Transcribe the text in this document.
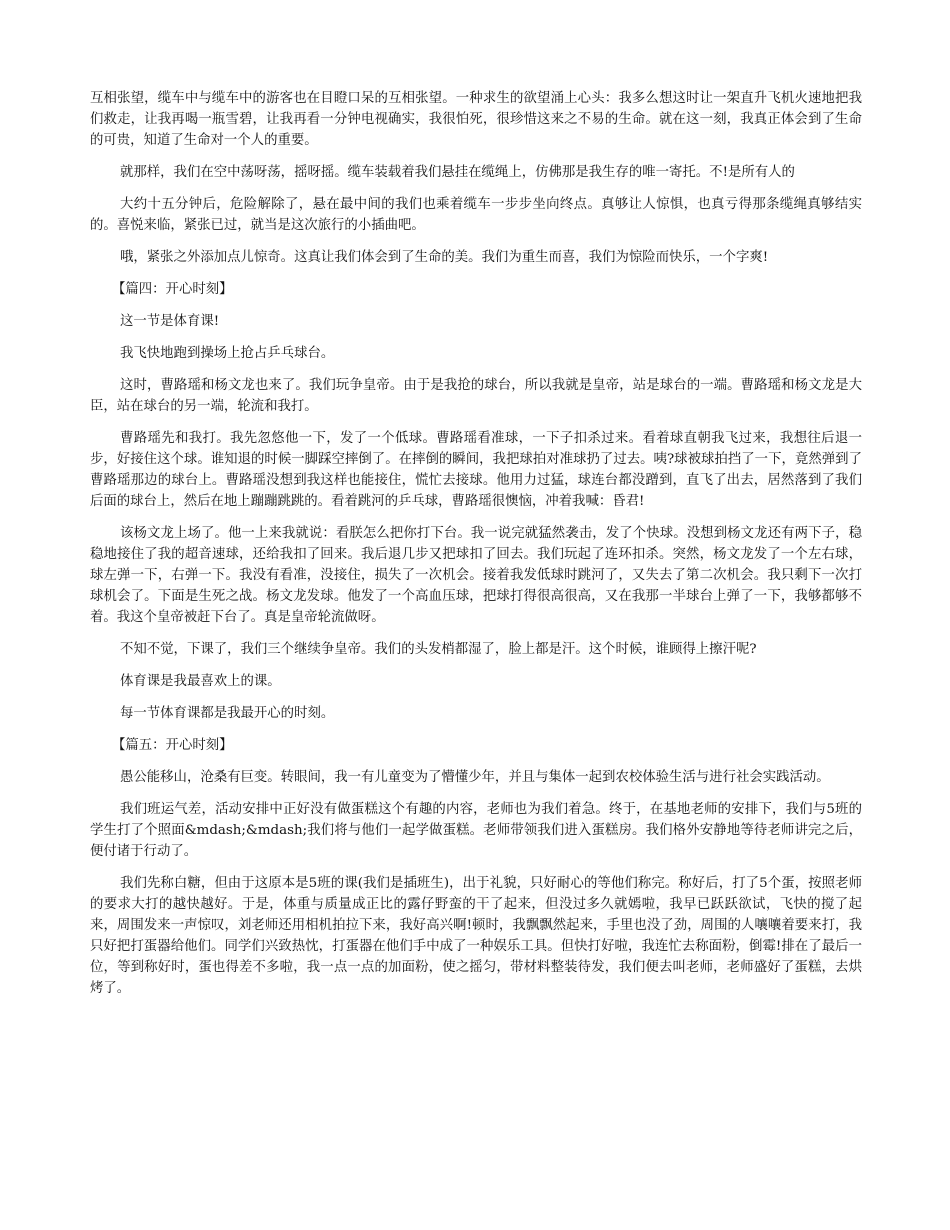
互相张望，缆车中与缆车中的游客也在目瞪口呆的互相张望。一种求生的欲望涌上心头：我多么想这时让一架直升飞机火速地把我们救走，让我再喝一瓶雪碧，让我再看一分钟电视确实，我很怕死，很珍惜这来之不易的生命。就在这一刻，我真正体会到了生命的可贵，知道了生命对一个人的重要。

就那样，我们在空中荡呀荡，摇呀摇。缆车装载着我们悬挂在缆绳上，仿佛那是我生存的唯一寄托。不!是所有人的

大约十五分钟后，危险解除了，悬在最中间的我们也乘着缆车一步步坐向终点。真够让人惊惧，也真亏得那条缆绳真够结实的。喜悦来临，紧张已过，就当是这次旅行的小插曲吧。

哦，紧张之外添加点儿惊奇。这真让我们体会到了生命的美。我们为重生而喜，我们为惊险而快乐，一个字爽!

【篇四：开心时刻】

这一节是体育课!

我飞快地跑到操场上抢占乒乓球台。

这时，曹路瑶和杨文龙也来了。我们玩争皇帝。由于是我抢的球台，所以我就是皇帝，站是球台的一端。曹路瑶和杨文龙是大臣，站在球台的另一端，轮流和我打。

曹路瑶先和我打。我先忽悠他一下，发了一个低球。曹路瑶看准球，一下子扣杀过来。看着球直朝我飞过来，我想往后退一步，好接住这个球。谁知退的时候一脚踩空摔倒了。在摔倒的瞬间，我把球拍对准球扔了过去。咦?球被球拍挡了一下，竟然弹到了曹路瑶那边的球台上。曹路瑶没想到我这样也能接住，慌忙去接球。他用力过猛，球连台都没蹭到，直飞了出去，居然落到了我们后面的球台上，然后在地上蹦蹦跳跳的。看着跳河的乒乓球，曹路瑶很懊恼，冲着我喊：昏君!

该杨文龙上场了。他一上来我就说：看朕怎么把你打下台。我一说完就猛然袭击，发了个快球。没想到杨文龙还有两下子，稳稳地接住了我的超音速球，还给我扣了回来。我后退几步又把球扣了回去。我们玩起了连环扣杀。突然，杨文龙发了一个左右球，球左弹一下，右弹一下。我没有看准，没接住，损失了一次机会。接着我发低球时跳河了，又失去了第二次机会。我只剩下一次打球机会了。下面是生死之战。杨文龙发球。他发了一个高血压球，把球打得很高很高，又在我那一半球台上弹了一下，我够都够不着。我这个皇帝被赶下台了。真是皇帝轮流做呀。

不知不觉，下课了，我们三个继续争皇帝。我们的头发梢都湿了，脸上都是汗。这个时候，谁顾得上擦汗呢?

体育课是我最喜欢上的课。

每一节体育课都是我最开心的时刻。

【篇五：开心时刻】

愚公能移山，沧桑有巨变。转眼间，我一有儿童变为了懵懂少年，并且与集体一起到农校体验生活与进行社会实践活动。

我们班运气差，活动安排中正好没有做蛋糕这个有趣的内容，老师也为我们着急。终于，在基地老师的安排下，我们与5班的学生打了个照面&mdash;&mdash;我们将与他们一起学做蛋糕。老师带领我们进入蛋糕房。我们格外安静地等待老师讲完之后，便付诸于行动了。

我们先称白糖，但由于这原本是5班的课(我们是插班生)，出于礼貌，只好耐心的等他们称完。称好后，打了5个蛋，按照老师的要求大打的越快越好。于是，体重与质量成正比的露仔野蛮的干了起来，但没过多久就嫣啦，我早已跃跃欲试，飞快的搅了起来，周围发来一声惊叹，刘老师还用相机拍拉下来，我好高兴啊!顿时，我飘飘然起来，手里也没了劲，周围的人嚷嚷着要来打，我只好把打蛋器给他们。同学们兴致热忱，打蛋器在他们手中成了一种娱乐工具。但快打好啦，我连忙去称面粉，倒霉!排在了最后一位，等到称好时，蛋也得差不多啦，我一点一点的加面粉，使之摇匀，带材料整装待发，我们便去叫老师，老师盛好了蛋糕，去烘烤了。
